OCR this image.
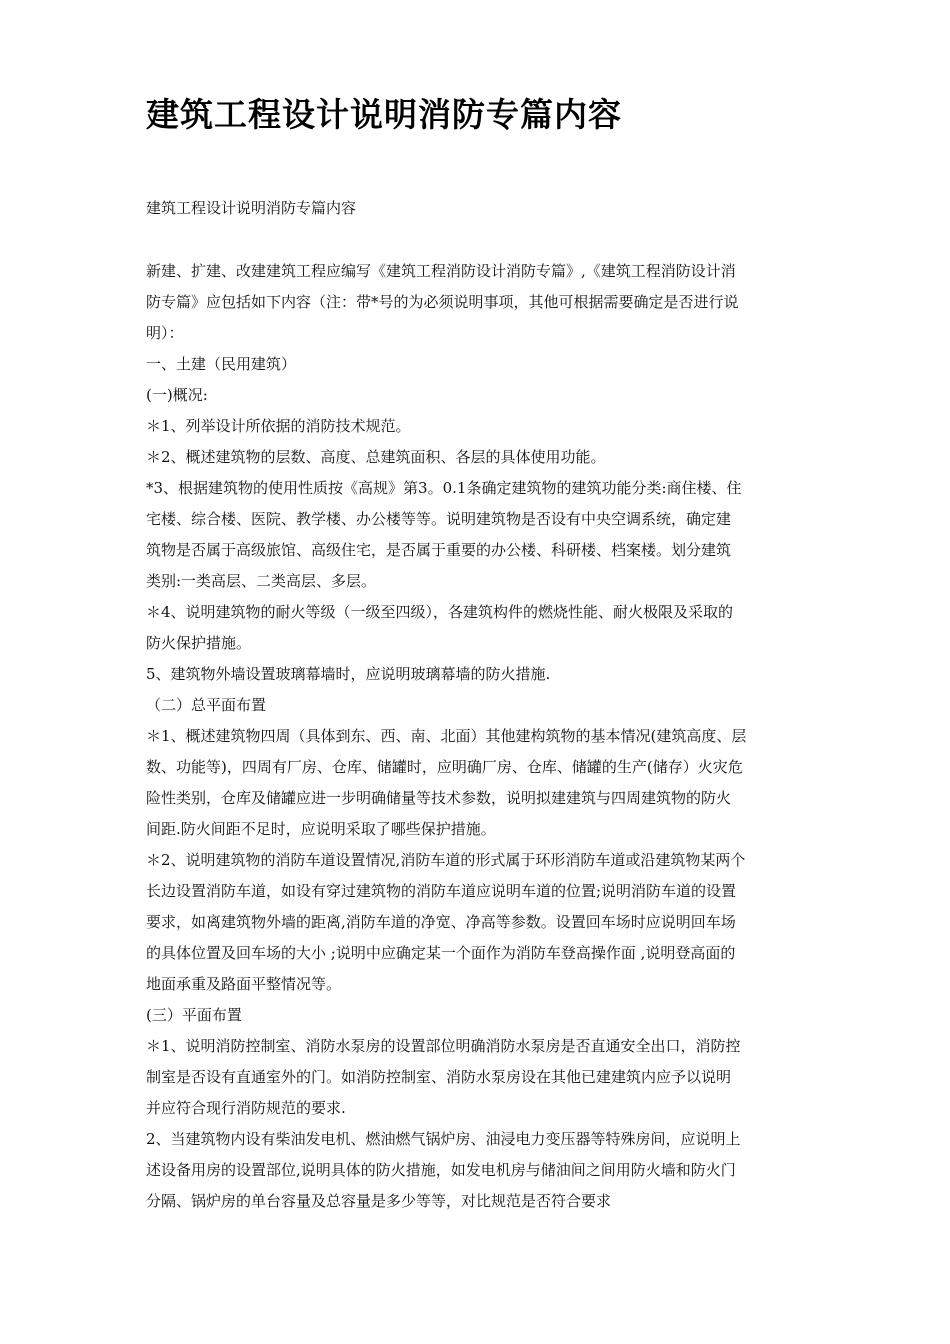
建筑工程设计说明消防专篇内容

建筑工程设计说明消防专篇内容

新建、扩建、改建建筑工程应编写《建筑工程消防设计消防专篇》,《建筑工程消防设计消
防专篇》应包括如下内容（注：带*号的为必须说明事项，其他可根据需要确定是否进行说
明）：
一、土建（民用建筑）
(一)概况:
＊1、列举设计所依据的消防技术规范。
＊2、概述建筑物的层数、高度、总建筑面积、各层的具体使用功能。
*3、根据建筑物的使用性质按《高规》第3。0.1条确定建筑物的建筑功能分类:商住楼、住
宅楼、综合楼、医院、教学楼、办公楼等等。说明建筑物是否设有中央空调系统，确定建
筑物是否属于高级旅馆、高级住宅，是否属于重要的办公楼、科研楼、档案楼。划分建筑
类别:一类高层、二类高层、多层。
＊4、说明建筑物的耐火等级（一级至四级），各建筑构件的燃烧性能、耐火极限及采取的
防火保护措施。
5、建筑物外墙设置玻璃幕墙时，应说明玻璃幕墙的防火措施.
（二）总平面布置
＊1、概述建筑物四周（具体到东、西、南、北面）其他建构筑物的基本情况(建筑高度、层
数、功能等)，四周有厂房、仓库、储罐时，应明确厂房、仓库、储罐的生产(储存）火灾危
险性类别，仓库及储罐应进一步明确储量等技术参数，说明拟建建筑与四周建筑物的防火
间距.防火间距不足时，应说明采取了哪些保护措施。
＊2、说明建筑物的消防车道设置情况,消防车道的形式属于环形消防车道或沿建筑物某两个
长边设置消防车道，如设有穿过建筑物的消防车道应说明车道的位置;说明消防车道的设置
要求，如离建筑物外墙的距离,消防车道的净宽、净高等参数。设置回车场时应说明回车场
的具体位置及回车场的大小 ;说明中应确定某一个面作为消防车登高操作面 ,说明登高面的
地面承重及路面平整情况等。
(三）平面布置
＊1、说明消防控制室、消防水泵房的设置部位明确消防水泵房是否直通安全出口，消防控
制室是否设有直通室外的门。如消防控制室、消防水泵房设在其他已建建筑内应予以说明
并应符合现行消防规范的要求.
2、当建筑物内设有柴油发电机、燃油燃气锅炉房、油浸电力变压器等特殊房间，应说明上
述设备用房的设置部位,说明具体的防火措施，如发电机房与储油间之间用防火墙和防火门
分隔、锅炉房的单台容量及总容量是多少等等，对比规范是否符合要求
